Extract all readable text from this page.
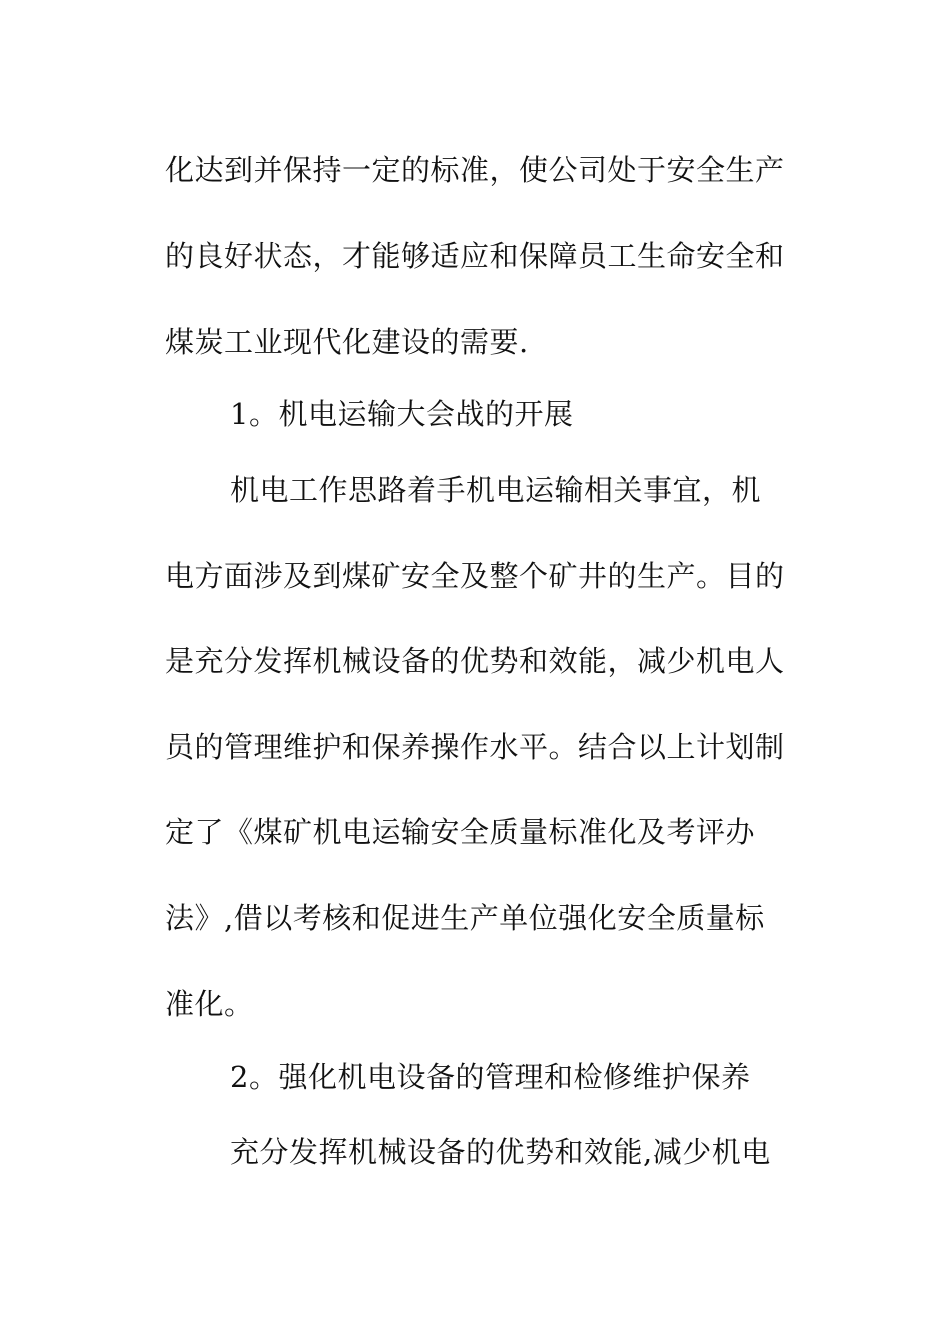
化达到并保持一定的标准，使公司处于安全生产
的良好状态，才能够适应和保障员工生命安全和
煤炭工业现代化建设的需要.
1。机电运输大会战的开展
机电工作思路着手机电运输相关事宜，机
电方面涉及到煤矿安全及整个矿井的生产。目的
是充分发挥机械设备的优势和效能，减少机电人
员的管理维护和保养操作水平。结合以上计划制
定了《煤矿机电运输安全质量标准化及考评办
法》,借以考核和促进生产单位强化安全质量标
准化。
2。强化机电设备的管理和检修维护保养
充分发挥机械设备的优势和效能,减少机电
